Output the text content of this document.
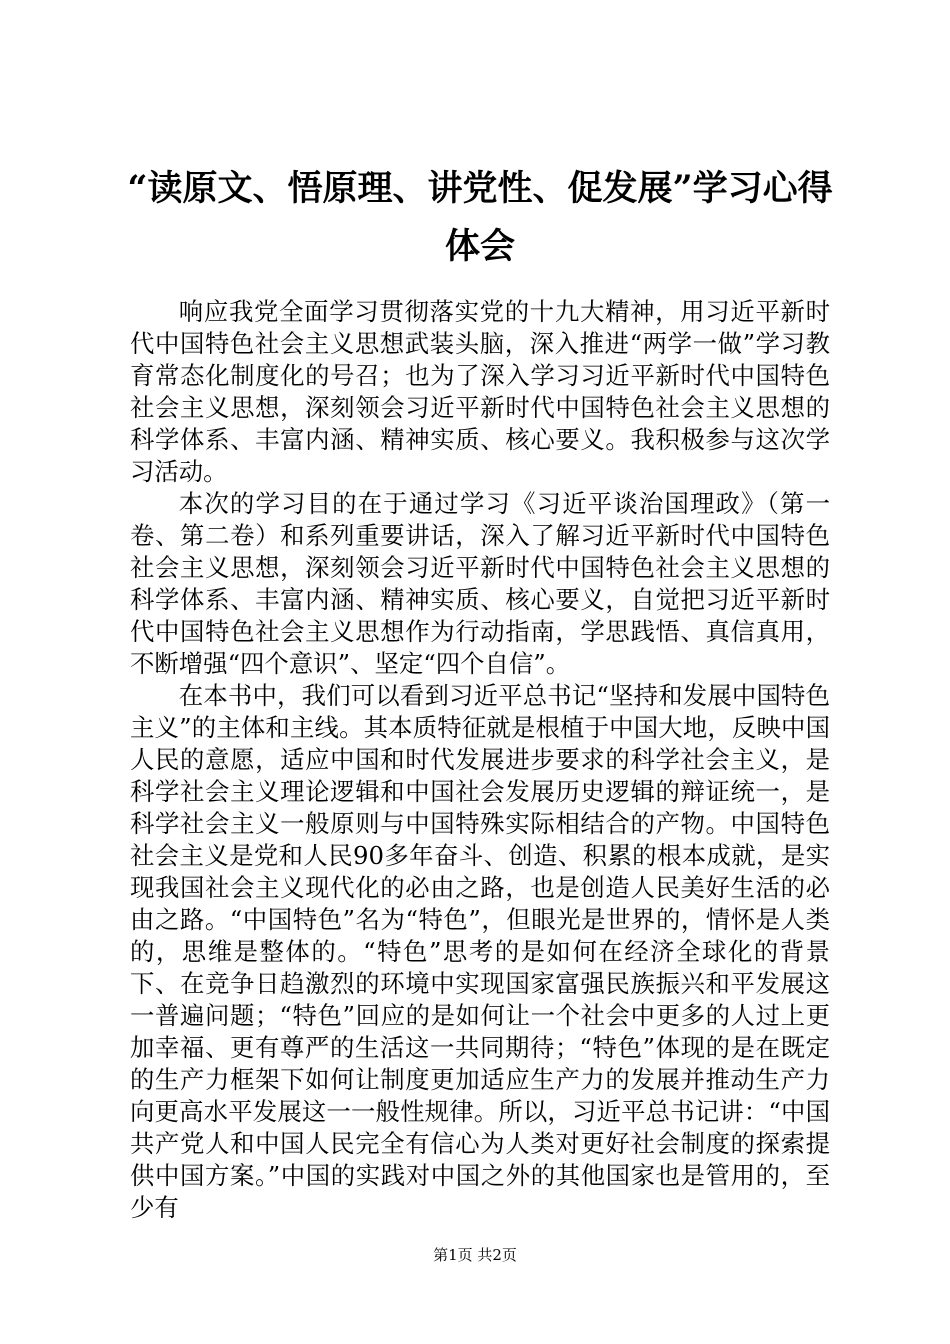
“读原文、悟原理、讲党性、促发展”学习心得体会

响应我党全面学习贯彻落实党的十九大精神，用习近平新时代中国特色社会主义思想武装头脑，深入推进“两学一做”学习教育常态化制度化的号召；也为了深入学习习近平新时代中国特色社会主义思想，深刻领会习近平新时代中国特色社会主义思想的科学体系、丰富内涵、精神实质、核心要义。我积极参与这次学习活动。

本次的学习目的在于通过学习《习近平谈治国理政》（第一卷、第二卷）和系列重要讲话，深入了解习近平新时代中国特色社会主义思想，深刻领会习近平新时代中国特色社会主义思想的科学体系、丰富内涵、精神实质、核心要义，自觉把习近平新时代中国特色社会主义思想作为行动指南，学思践悟、真信真用，不断增强“四个意识”、坚定“四个自信”。

在本书中，我们可以看到习近平总书记“坚持和发展中国特色主义”的主体和主线。其本质特征就是根植于中国大地，反映中国人民的意愿，适应中国和时代发展进步要求的科学社会主义，是科学社会主义理论逻辑和中国社会发展历史逻辑的辩证统一，是科学社会主义一般原则与中国特殊实际相结合的产物。中国特色社会主义是党和人民90多年奋斗、创造、积累的根本成就，是实现我国社会主义现代化的必由之路，也是创造人民美好生活的必由之路。“中国特色”名为“特色”，但眼光是世界的，情怀是人类的，思维是整体的。“特色”思考的是如何在经济全球化的背景下、在竞争日趋激烈的环境中实现国家富强民族振兴和平发展这一普遍问题；“特色”回应的是如何让一个社会中更多的人过上更加幸福、更有尊严的生活这一共同期待；“特色”体现的是在既定的生产力框架下如何让制度更加适应生产力的发展并推动生产力向更高水平发展这一一般性规律。所以，习近平总书记讲：“中国共产党人和中国人民完全有信心为人类对更好社会制度的探索提供中国方案。”中国的实践对中国之外的其他国家也是管用的，至少有

第1页 共2页
